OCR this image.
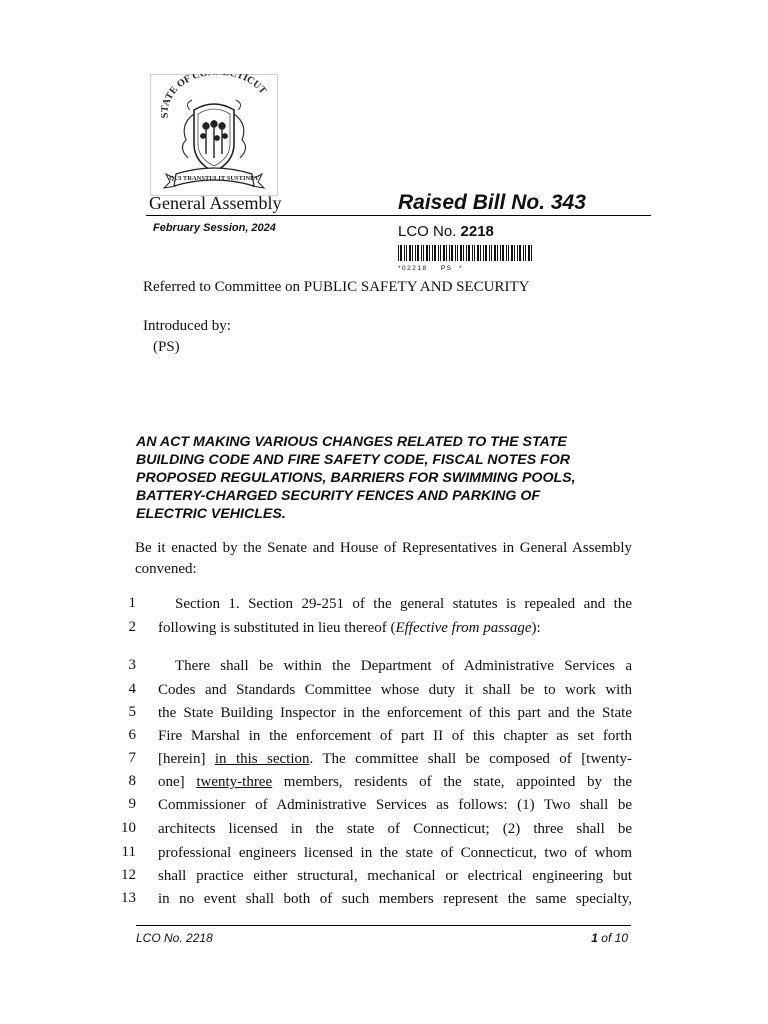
STATE OF C TICUT
QUI TRANSTULIT SUSTINET
General Assembly	Raised Bill No. 343
February Session, 2024	LCO No. 2218
*02218    PS  *
Referred to Committee on PUBLIC SAFETY AND SECURITY
Introduced by:
(PS)
AN ACT MAKING VARIOUS CHANGES RELATED TO THE STATE
BUILDING CODE AND FIRE SAFETY CODE, FISCAL NOTES FOR
PROPOSED REGULATIONS, BARRIERS FOR SWIMMING POOLS,
BATTERY-CHARGED SECURITY FENCES AND PARKING OF
ELECTRIC VEHICLES.
Be it enacted by the Senate and House of Representatives in General Assembly convened:
1	Section 1. Section 29-251 of the general statutes is repealed and the
2 following is substituted in lieu thereof (Effective from passage):
3	There shall be within the Department of Administrative Services a
4 Codes and Standards Committee whose duty it shall be to work with
5 the State Building Inspector in the enforcement of this part and the State
6 Fire Marshal in the enforcement of part II of this chapter as set forth
7 [herein] in this section. The committee shall be composed of [twenty-
8 one] twenty-three members, residents of the state, appointed by the
9 Commissioner of Administrative Services as follows: (1) Two shall be
10 architects licensed in the state of Connecticut; (2) three shall be
11 professional engineers licensed in the state of Connecticut, two of whom
12 shall practice either structural, mechanical or electrical engineering but
13 in no event shall both of such members represent the same specialty,
LCO No. 2218	1 of 10
